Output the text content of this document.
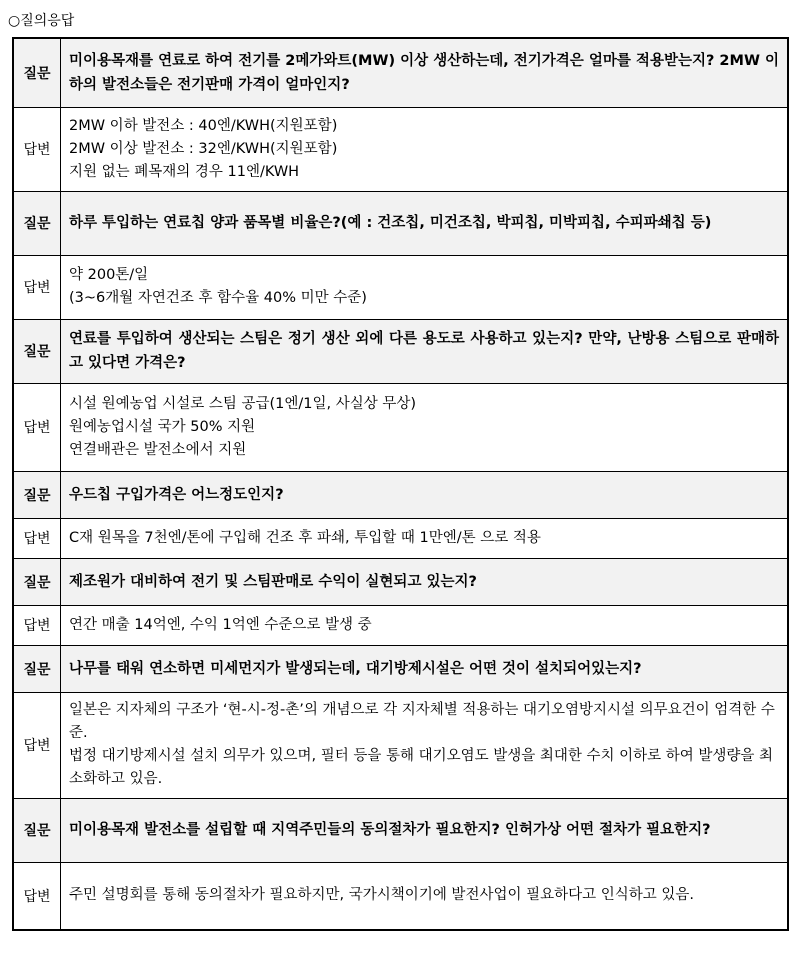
○질의응답
질문	미이용목재를 연료로 하여 전기를 2메가와트(MW) 이상 생산하는데, 전기가격은 얼마를 적용받는지? 2MW 이하의 발전소들은 전기판매 가격이 얼마인지?

답변	2MW 이하 발전소 : 40엔/KWH(지원포함)
2MW 이상 발전소 : 32엔/KWH(지원포함)
지원 없는 폐목재의 경우 11엔/KWH

질문	하루 투입하는 연료칩 양과 품목별 비율은?(예 : 건조칩, 미건조칩, 박피칩, 미박피칩, 수피파쇄칩 등)

답변	약 200톤/일
(3~6개월 자연건조 후 함수율 40% 미만 수준)

질문	연료를 투입하여 생산되는 스팀은 정기 생산 외에 다른 용도로 사용하고 있는지? 만약, 난방용 스팀으로 판매하고 있다면 가격은?

답변	시설 원예농업 시설로 스팀 공급(1엔/1일, 사실상 무상)
원예농업시설 국가 50% 지원
연결배관은 발전소에서 지원

질문	우드칩 구입가격은 어느정도인지?

답변	C재 원목을 7천엔/톤에 구입해 건조 후 파쇄, 투입할 때 1만엔/톤 으로 적용

질문	제조원가 대비하여 전기 및 스팀판매로 수익이 실현되고 있는지?

답변	연간 매출 14억엔, 수익 1억엔 수준으로 발생 중

질문	나무를 태워 연소하면 미세먼지가 발생되는데, 대기방제시설은 어떤 것이 설치되어있는지?

답변	일본은 지자체의 구조가 ‘현-시-정-촌’의 개념으로 각 지자체별 적용하는 대기오염방지시설 의무요건이 엄격한 수준.
법정 대기방제시설 설치 의무가 있으며, 필터 등을 통해 대기오염도 발생을 최대한 수치 이하로 하여 발생량을 최소화하고 있음.

질문	미이용목재 발전소를 설립할 때 지역주민들의 동의절차가 필요한지? 인허가상 어떤 절차가 필요한지?

답변	주민 설명회를 통해 동의절차가 필요하지만, 국가시책이기에 발전사업이 필요하다고 인식하고 있음.
